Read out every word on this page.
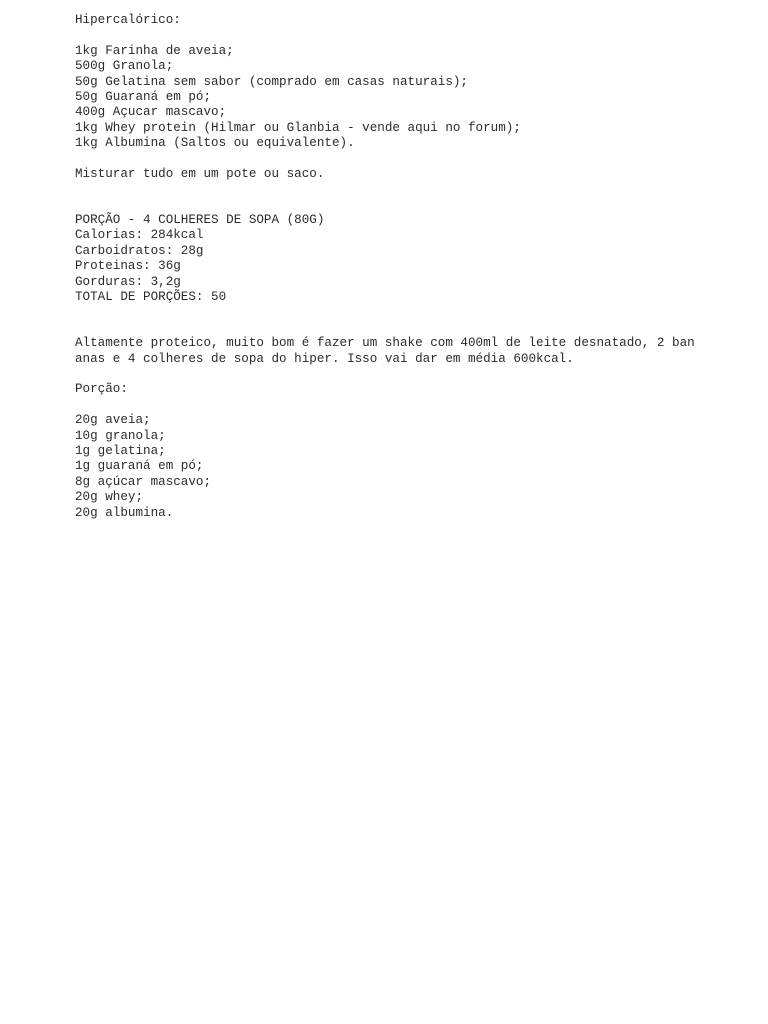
Hipercalórico:
1kg Farinha de aveia;
500g Granola;
50g Gelatina sem sabor (comprado em casas naturais);
50g Guaraná em pó;
400g Açucar mascavo;
1kg Whey protein (Hilmar ou Glanbia - vende aqui no forum);
1kg Albumina (Saltos ou equivalente).
Misturar tudo em um pote ou saco.
PORÇÃO - 4 COLHERES DE SOPA (80G)
Calorias: 284kcal
Carboidratos: 28g
Proteinas: 36g
Gorduras: 3,2g
TOTAL DE PORÇÕES: 50
Altamente proteico, muito bom é fazer um shake com 400ml de leite desnatado, 2 ban
anas e 4 colheres de sopa do hiper. Isso vai dar em média 600kcal.
Porção:
20g aveia;
10g granola;
1g gelatina;
1g guaraná em pó;
8g açúcar mascavo;
20g whey;
20g albumina.
